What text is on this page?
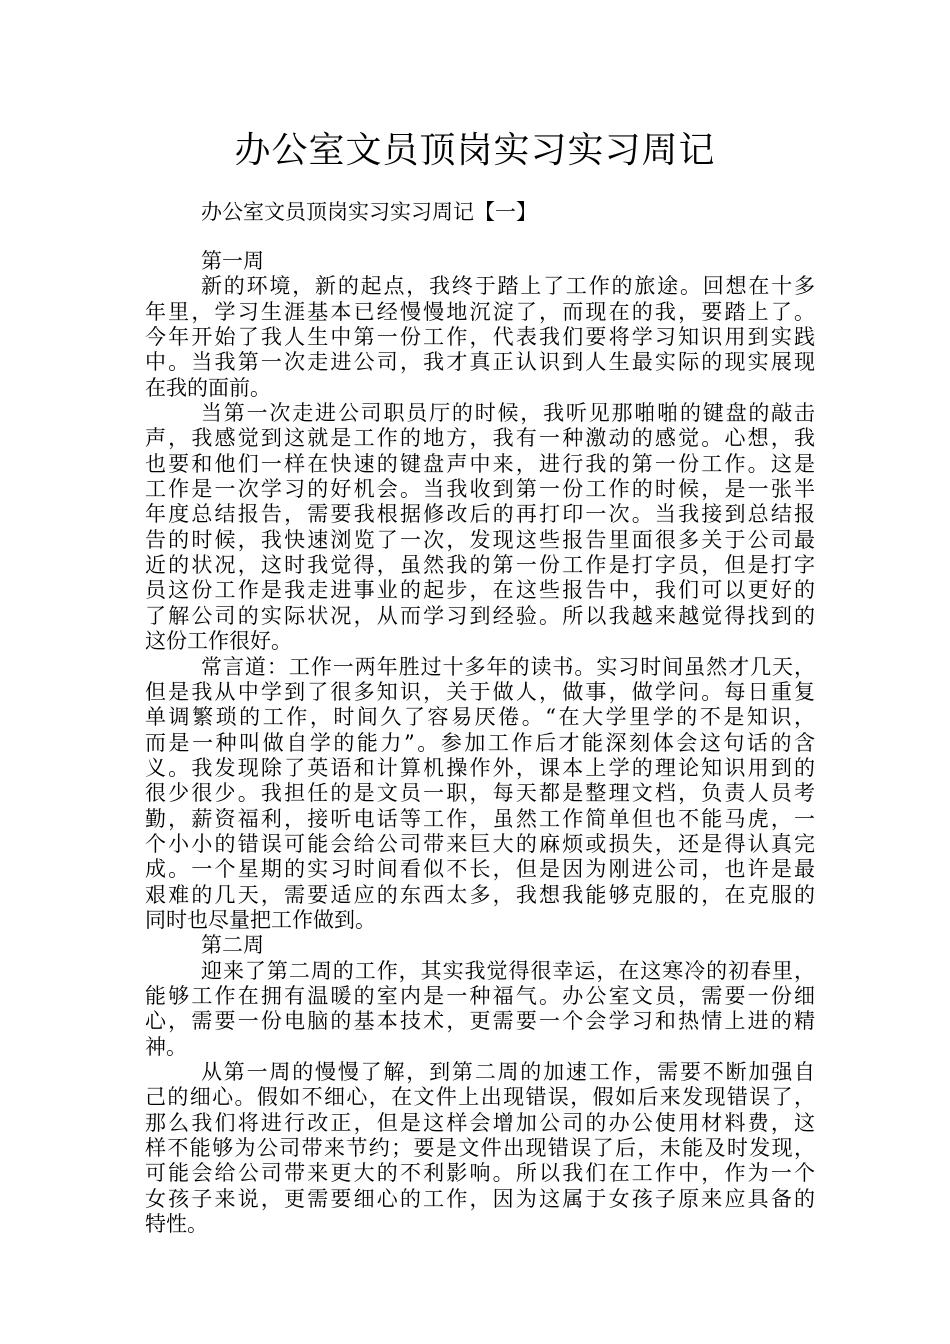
办公室文员顶岗实习实习周记
办公室文员顶岗实习实习周记【一】
第一周
新的环境，新的起点，我终于踏上了工作的旅途。回想在十多
年里，学习生涯基本已经慢慢地沉淀了，而现在的我，要踏上了。
今年开始了我人生中第一份工作，代表我们要将学习知识用到实践
中。当我第一次走进公司，我才真正认识到人生最实际的现实展现
在我的面前。
当第一次走进公司职员厅的时候，我听见那啪啪的键盘的敲击
声，我感觉到这就是工作的地方，我有一种激动的感觉。心想，我
也要和他们一样在快速的键盘声中来，进行我的第一份工作。这是
工作是一次学习的好机会。当我收到第一份工作的时候，是一张半
年度总结报告，需要我根据修改后的再打印一次。当我接到总结报
告的时候，我快速浏览了一次，发现这些报告里面很多关于公司最
近的状况，这时我觉得，虽然我的第一份工作是打字员，但是打字
员这份工作是我走进事业的起步，在这些报告中，我们可以更好的
了解公司的实际状况，从而学习到经验。所以我越来越觉得找到的
这份工作很好。
常言道：工作一两年胜过十多年的读书。实习时间虽然才几天，
但是我从中学到了很多知识，关于做人，做事，做学问。每日重复
单调繁琐的工作，时间久了容易厌倦。“在大学里学的不是知识，
而是一种叫做自学的能力”。参加工作后才能深刻体会这句话的含
义。我发现除了英语和计算机操作外，课本上学的理论知识用到的
很少很少。我担任的是文员一职，每天都是整理文档，负责人员考
勤，薪资福利，接听电话等工作，虽然工作简单但也不能马虎，一
个小小的错误可能会给公司带来巨大的麻烦或损失，还是得认真完
成。一个星期的实习时间看似不长，但是因为刚进公司，也许是最
艰难的几天，需要适应的东西太多，我想我能够克服的，在克服的
同时也尽量把工作做到。
第二周
迎来了第二周的工作，其实我觉得很幸运，在这寒冷的初春里，
能够工作在拥有温暖的室内是一种福气。办公室文员，需要一份细
心，需要一份电脑的基本技术，更需要一个会学习和热情上进的精
神。
从第一周的慢慢了解，到第二周的加速工作，需要不断加强自
己的细心。假如不细心，在文件上出现错误，假如后来发现错误了，
那么我们将进行改正，但是这样会增加公司的办公使用材料费，这
样不能够为公司带来节约；要是文件出现错误了后，未能及时发现，
可能会给公司带来更大的不利影响。所以我们在工作中，作为一个
女孩子来说，更需要细心的工作，因为这属于女孩子原来应具备的
特性。
